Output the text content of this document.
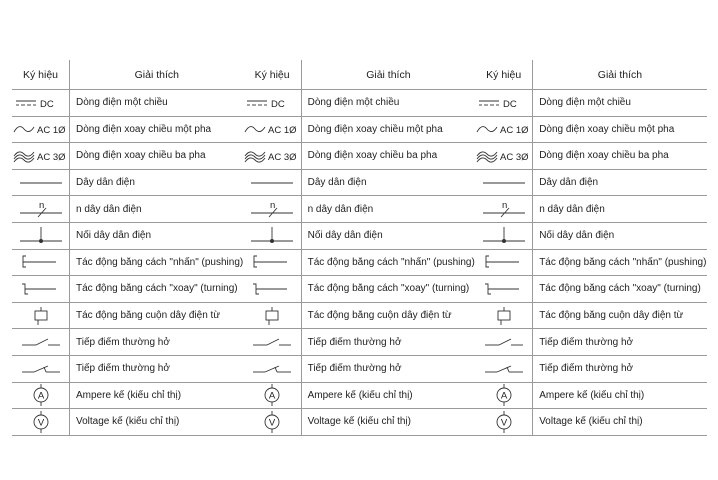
Ký hiệu	Giải thích
DC	Dòng điện một chiều
AC 1Ø	Dòng điện xoay chiều một pha
AC 3Ø	Dòng điện xoay chiều ba pha
Dây dẫn điện
n	n dây dẫn điện
Nối dây dẫn điện
Tác động bằng cách "nhấn" (pushing)
Tác động bằng cách "xoay" (turning)
Tác động bằng cuộn dây điện từ
Tiếp điểm thường hở
Tiếp điểm thường hở
A	Ampere kế (kiểu chỉ thị)
V	Voltage kế (kiểu chỉ thị)
Ký hiệu	Giải thích
DC	Dòng điện một chiều
AC 1Ø	Dòng điện xoay chiều một pha
AC 3Ø	Dòng điện xoay chiều ba pha
Dây dẫn điện
n	n dây dẫn điện
Nối dây dẫn điện
Tác động bằng cách "nhấn" (pushing)
Tác động bằng cách "xoay" (turning)
Tác động bằng cuộn dây điện từ
Tiếp điểm thường hở
Tiếp điểm thường hở
A	Ampere kế (kiểu chỉ thị)
V	Voltage kế (kiểu chỉ thị)
Ký hiệu	Giải thích
DC	Dòng điện một chiều
AC 1Ø	Dòng điện xoay chiều một pha
AC 3Ø	Dòng điện xoay chiều ba pha
Dây dẫn điện
n	n dây dẫn điện
Nối dây dẫn điện
Tác động bằng cách "nhấn" (pushing)
Tác động bằng cách "xoay" (turning)
Tác động bằng cuộn dây điện từ
Tiếp điểm thường hở
Tiếp điểm thường hở
A	Ampere kế (kiểu chỉ thị)
V	Voltage kế (kiểu chỉ thị)
